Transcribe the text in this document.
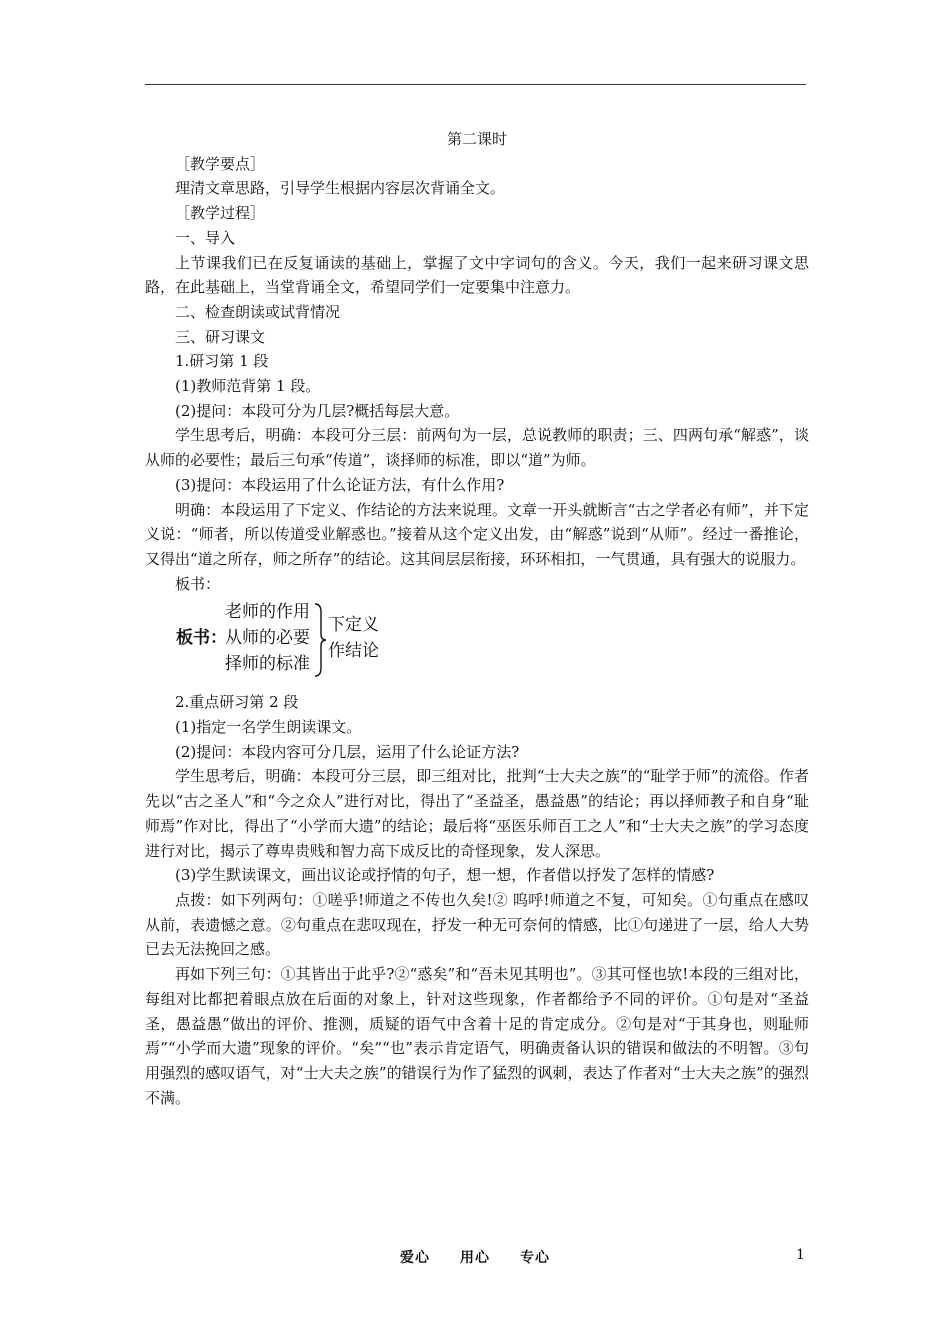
第二课时

［教学要点］

理清文章思路，引导学生根据内容层次背诵全文。

［教学过程］

一、导入

上节课我们已在反复诵读的基础上，掌握了文中字词句的含义。今天，我们一起来研习课文思路，在此基础上，当堂背诵全文，希望同学们一定要集中注意力。

二、检查朗读或试背情况

三、研习课文

1.研习第 1 段

(1)教师范背第 1 段。

(2)提问：本段可分为几层?概括每层大意。

学生思考后，明确：本段可分三层：前两句为一层，总说教师的职责；三、四两句承“解惑”，谈从师的必要性；最后三句承“传道”，谈择师的标准，即以“道”为师。

(3)提问：本段运用了什么论证方法，有什么作用?

明确：本段运用了下定义、作结论的方法来说理。文章一开头就断言“古之学者必有师”，并下定义说：“师者，所以传道受业解惑也。”接着从这个定义出发，由“解惑”说到“从师”。经过一番推论，又得出“道之所存，师之所存”的结论。这其间层层衔接，环环相扣，一气贯通，具有强大的说服力。

板书：

板书：
老师的作用
从师的必要
择师的标准
下定义
作结论

2.重点研习第 2 段

(1)指定一名学生朗读课文。

(2)提问：本段内容可分几层，运用了什么论证方法?

学生思考后，明确：本段可分三层，即三组对比，批判“士大夫之族”的“耻学于师”的流俗。作者先以“古之圣人”和“今之众人”进行对比，得出了“圣益圣，愚益愚”的结论；再以择师教子和自身“耻师焉”作对比，得出了“小学而大遗”的结论；最后将“巫医乐师百工之人”和“士大夫之族”的学习态度进行对比，揭示了尊卑贵贱和智力高下成反比的奇怪现象，发人深思。

(3)学生默读课文，画出议论或抒情的句子，想一想，作者借以抒发了怎样的情感?

点拨：如下列两句：①嗟乎!师道之不传也久矣!② 呜呼!师道之不复，可知矣。①句重点在感叹从前，表遗憾之意。②句重点在悲叹现在，抒发一种无可奈何的情感，比①句递进了一层，给人大势已去无法挽回之感。

再如下列三句：①其皆出于此乎?②“惑矣”和“吾未见其明也”。③其可怪也欤!本段的三组对比，每组对比都把着眼点放在后面的对象上，针对这些现象，作者都给予不同的评价。①句是对“圣益圣，愚益愚”做出的评价、推测，质疑的语气中含着十足的肯定成分。②句是对“于其身也，则耻师焉”“小学而大遗”现象的评价。“矣”“也”表示肯定语气，明确责备认识的错误和做法的不明智。③句用强烈的感叹语气，对“士大夫之族”的错误行为作了猛烈的讽刺，表达了作者对“士大夫之族”的强烈不满。

爱心　　用心　　专心	1
